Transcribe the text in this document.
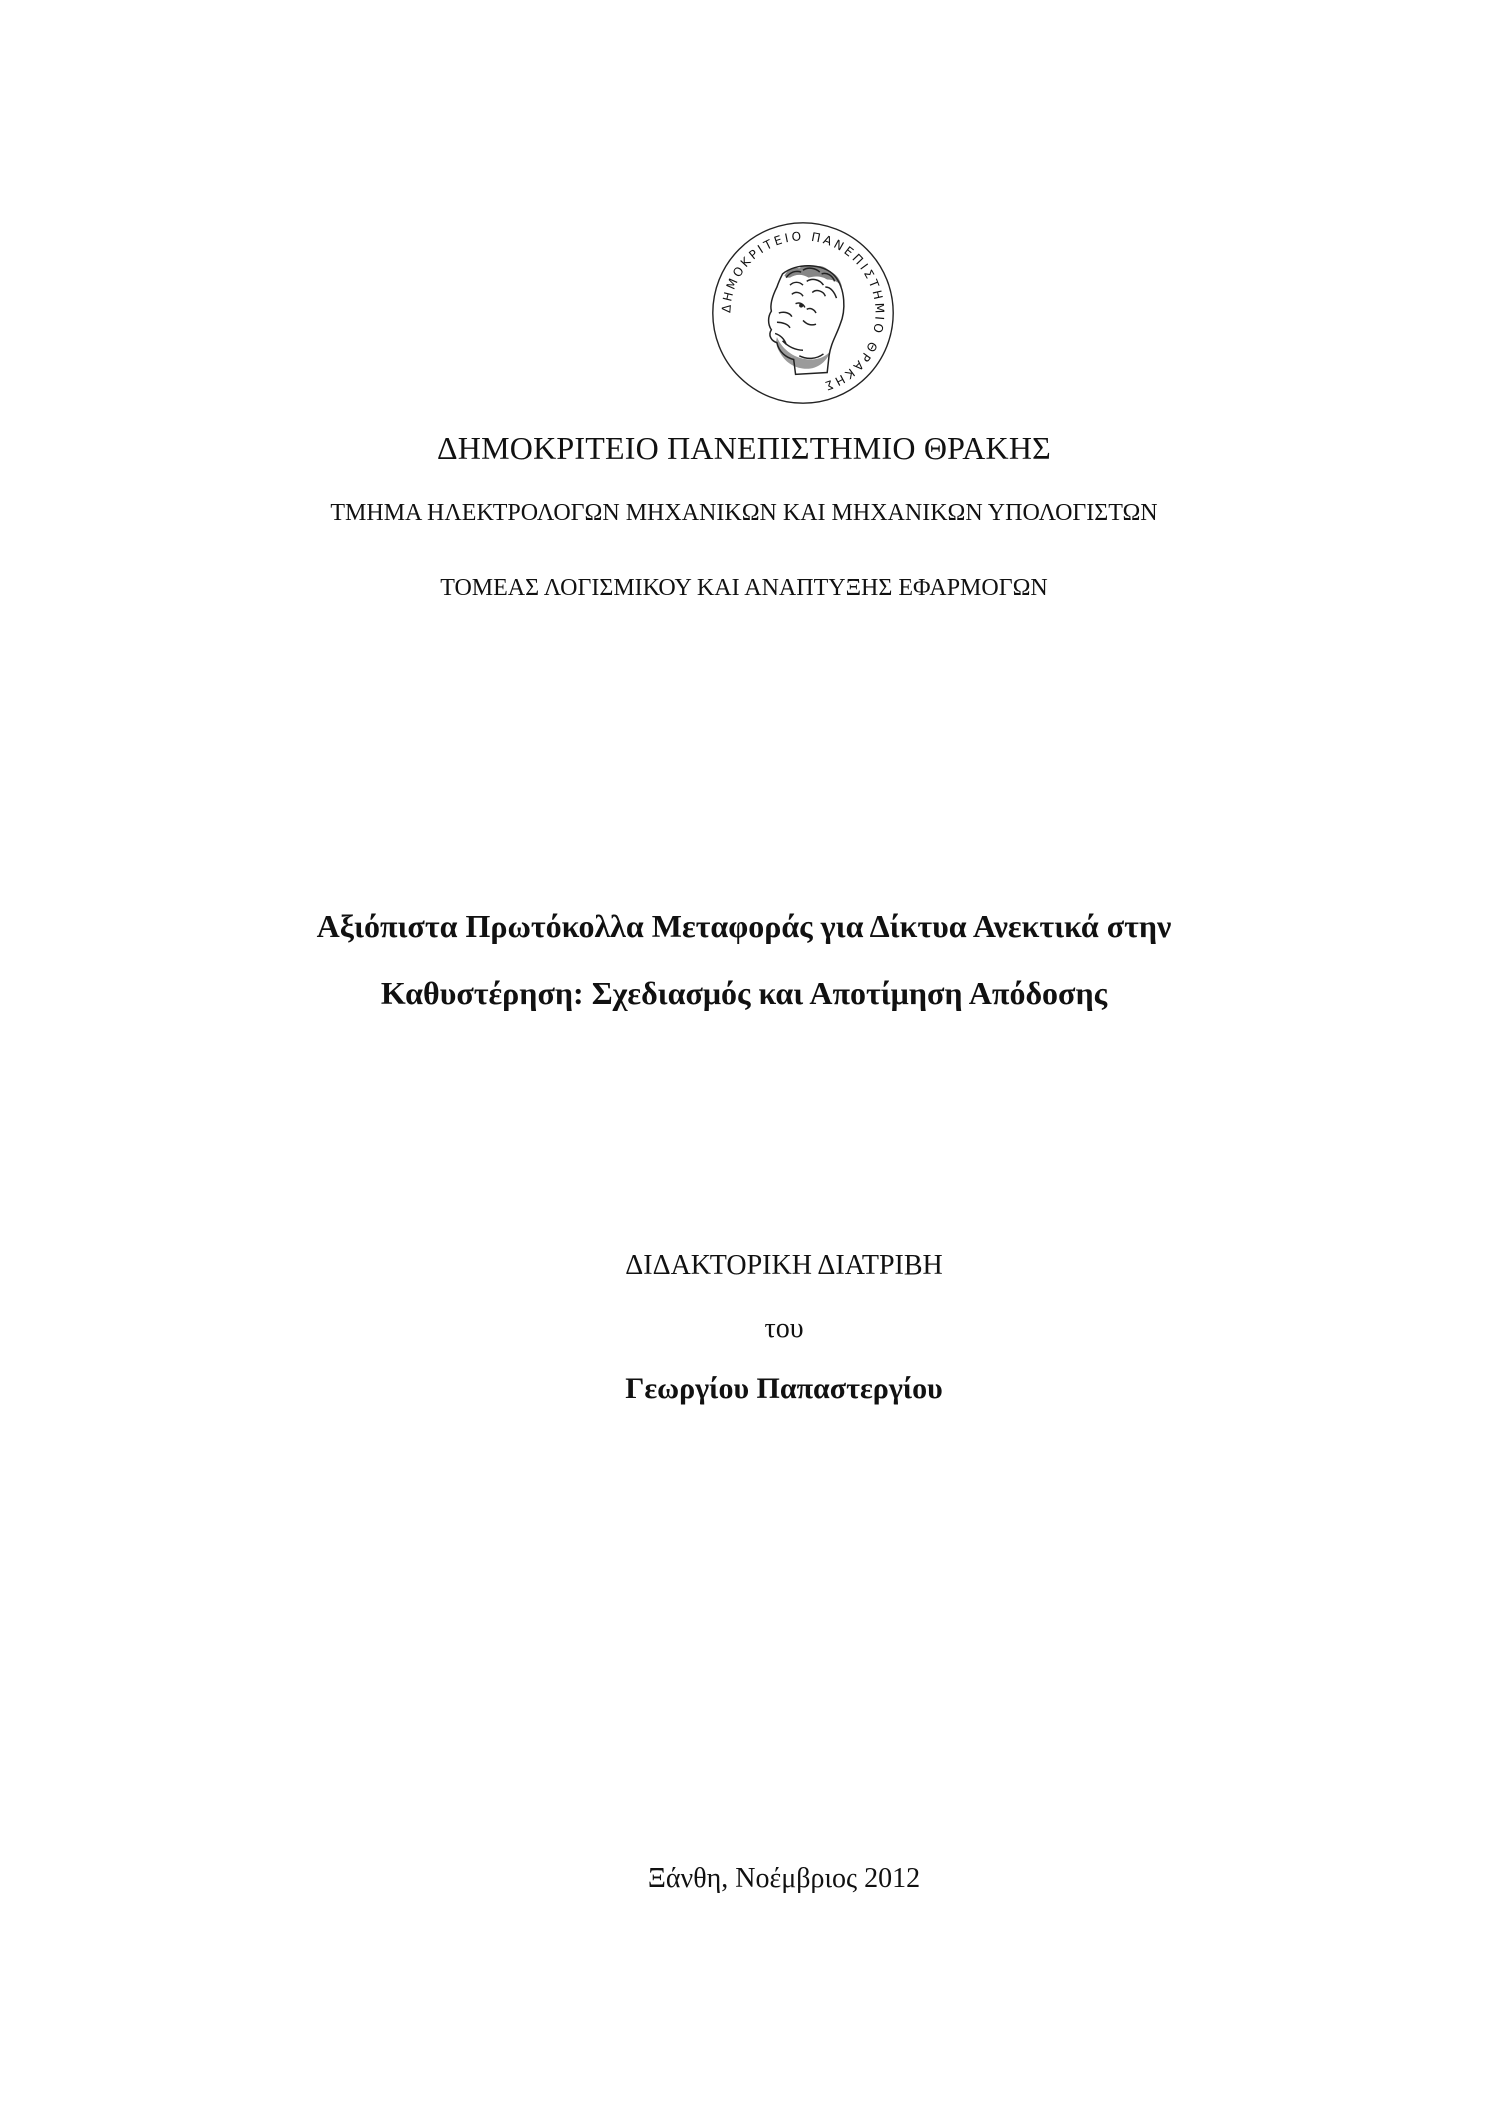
ΔΗΜΟΚΡΙΤΕΙΟ ΠΑΝΕΠΙΣΤΗΜΙΟ ΘΡΑΚΗΣ
ΔΗΜΟΚΡΙΤΕΙΟ ΠΑΝΕΠΙΣΤΗΜΙΟ ΘΡΑΚΗΣ
ΤΜΗΜΑ ΗΛΕΚΤΡΟΛΟΓΩΝ ΜΗΧΑΝΙΚΩΝ ΚΑΙ ΜΗΧΑΝΙΚΩΝ ΥΠΟΛΟΓΙΣΤΩΝ
ΤΟΜΕΑΣ ΛΟΓΙΣΜΙΚΟΥ ΚΑΙ ΑΝΑΠΤΥΞΗΣ ΕΦΑΡΜΟΓΩΝ
Αξιόπιστα Πρωτόκολλα Μεταφοράς για Δίκτυα Ανεκτικά στην
Καθυστέρηση: Σχεδιασμός και Αποτίμηση Απόδοσης
ΔΙΔΑΚΤΟΡΙΚΗ ΔΙΑΤΡΙΒΗ
του
Γεωργίου Παπαστεργίου
Ξάνθη, Νοέμβριος 2012
